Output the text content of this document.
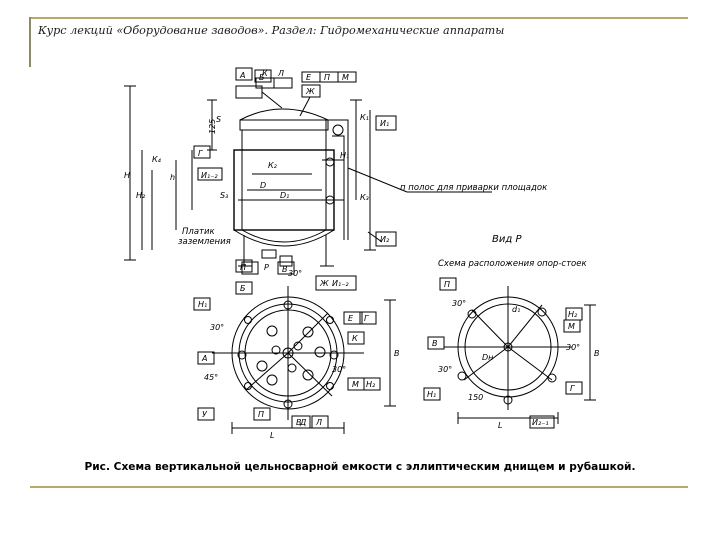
Курс лекций «Оборудование заводов». Раздел: Гидромеханические аппараты
п полос для приварки площадок
Платик
заземления	Вид Р
Схема расположения опор-стоек
125
Н
Н₂
Н₁
h
D
D₁
L
В
L
В
Dн
d₁
150
30°
30°
30°
45°
30°
30°
30°
К Л	Е П М
А Б
Ж
И₁
Г
И₁₋₂
S₃
S
И₂
П	В
Р
К₁
К₂
К₃
К₄
Н₁
Б
Ж И₁₋₂
Е Г
К
А
М Н₂
У	П
В
Д Л
П
Н₂
М
В
Г
Н₁
И₂₋₁
Рис. Схема вертикальной цельносварной емкости с эллиптическим днищем и рубашкой.
